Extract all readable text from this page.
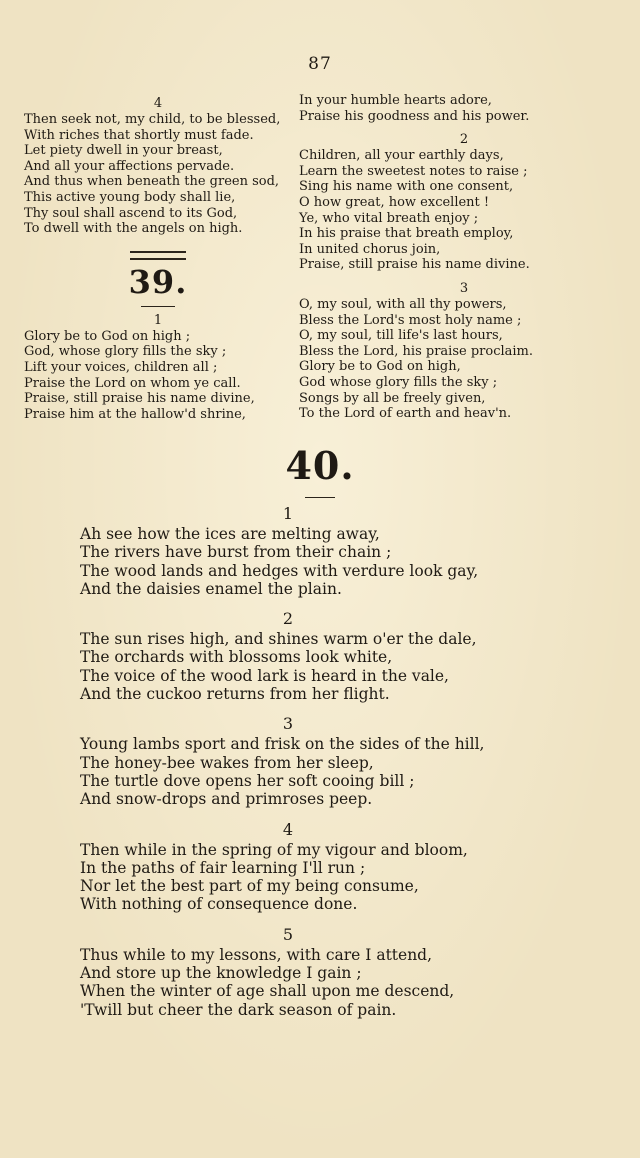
87
4
Then seek not, my child, to be blessed,
With riches that shortly must fade.
Let piety dwell in your breast,
And all your affections pervade.
And thus when beneath the green sod,
This active young body shall lie,
Thy soul shall ascend to its God,
To dwell with the angels on high.
39.
1
Glory be to God on high ;
God, whose glory fills the sky ;
Lift your voices, children all ;
Praise the Lord on whom ye call.
Praise, still praise his name divine,
Praise him at the hallow'd shrine,
In your humble hearts adore,
Praise his goodness and his power.
2
Children, all your earthly days,
Learn the sweetest notes to raise ;
Sing his name with one consent,
O how great, how excellent !
Ye, who vital breath enjoy ;
In his praise that breath employ,
In united chorus join,
Praise, still praise his name divine.
3
O, my soul, with all thy powers,
Bless the Lord's most holy name ;
O, my soul, till life's last hours,
Bless the Lord, his praise proclaim.
Glory be to God on high,
God whose glory fills the sky ;
Songs by all be freely given,
To the Lord of earth and heav'n.
40.
1
Ah see how the ices are melting away,
The rivers have burst from their chain ;
The wood lands and hedges with verdure look gay,
And the daisies enamel the plain.
2
The sun rises high, and shines warm o'er the dale,
The orchards with blossoms look white,
The voice of the wood lark is heard in the vale,
And the cuckoo returns from her flight.
3
Young lambs sport and frisk on the sides of the hill,
The honey-bee wakes from her sleep,
The turtle dove opens her soft cooing bill ;
And snow-drops and primroses peep.
4
Then while in the spring of my vigour and bloom,
In the paths of fair learning I'll run ;
Nor let the best part of my being consume,
With nothing of consequence done.
5
Thus while to my lessons, with care I attend,
And store up the knowledge I gain ;
When the winter of age shall upon me descend,
'Twill but cheer the dark season of pain.
